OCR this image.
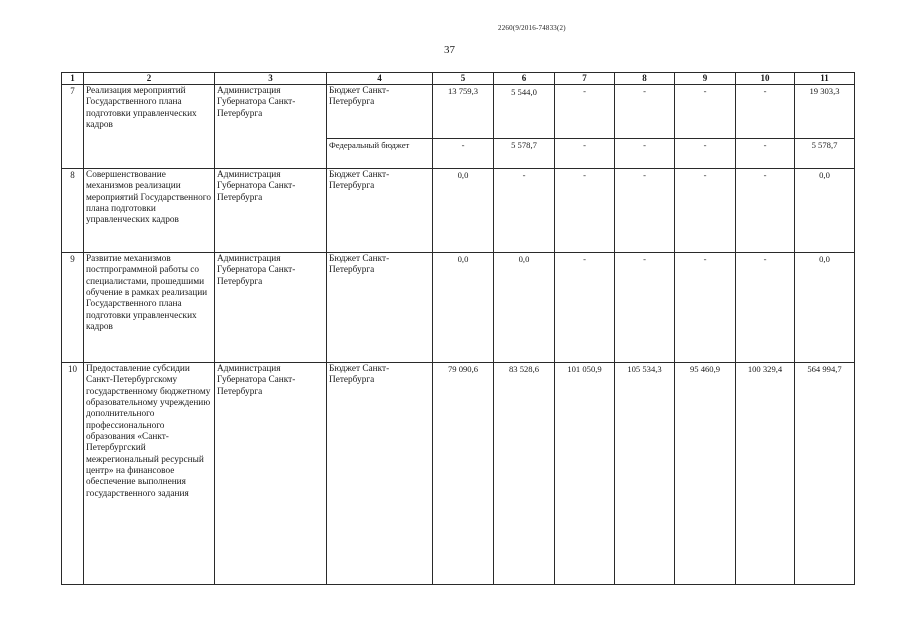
2260(9/2016-74833(2)
37
1	2	3	4	5	6	7	8	9	10	11
7	Реализация мероприятий Государственного плана подготовки управленческих кадров	Администрация Губернатора Санкт-Петербурга	Бюджет Санкт-Петербурга	13 759,3	5 544,0	-	-	-	-	19 303,3
			Федеральный бюджет	-	5 578,7	-	-	-	-	5 578,7
8	Совершенствование механизмов реализации мероприятий Государственного плана подготовки управленческих кадров	Администрация Губернатора Санкт-Петербурга	Бюджет Санкт-Петербурга	0,0	-	-	-	-	-	0,0
9	Развитие механизмов постпрограммной работы со специалистами, прошедшими обучение в рамках реализации Государственного плана подготовки управленческих кадров	Администрация Губернатора Санкт-Петербурга	Бюджет Санкт-Петербурга	0,0	0,0	-	-	-	-	0,0
10	Предоставление субсидии Санкт-Петербургскому государственному бюджетному образовательному учреждению дополнительного профессионального образования «Санкт-Петербургский межрегиональный ресурсный центр» на финансовое обеспечение выполнения государственного задания	Администрация Губернатора Санкт-Петербурга	Бюджет Санкт-Петербурга	79 090,6	83 528,6	101 050,9	105 534,3	95 460,9	100 329,4	564 994,7
